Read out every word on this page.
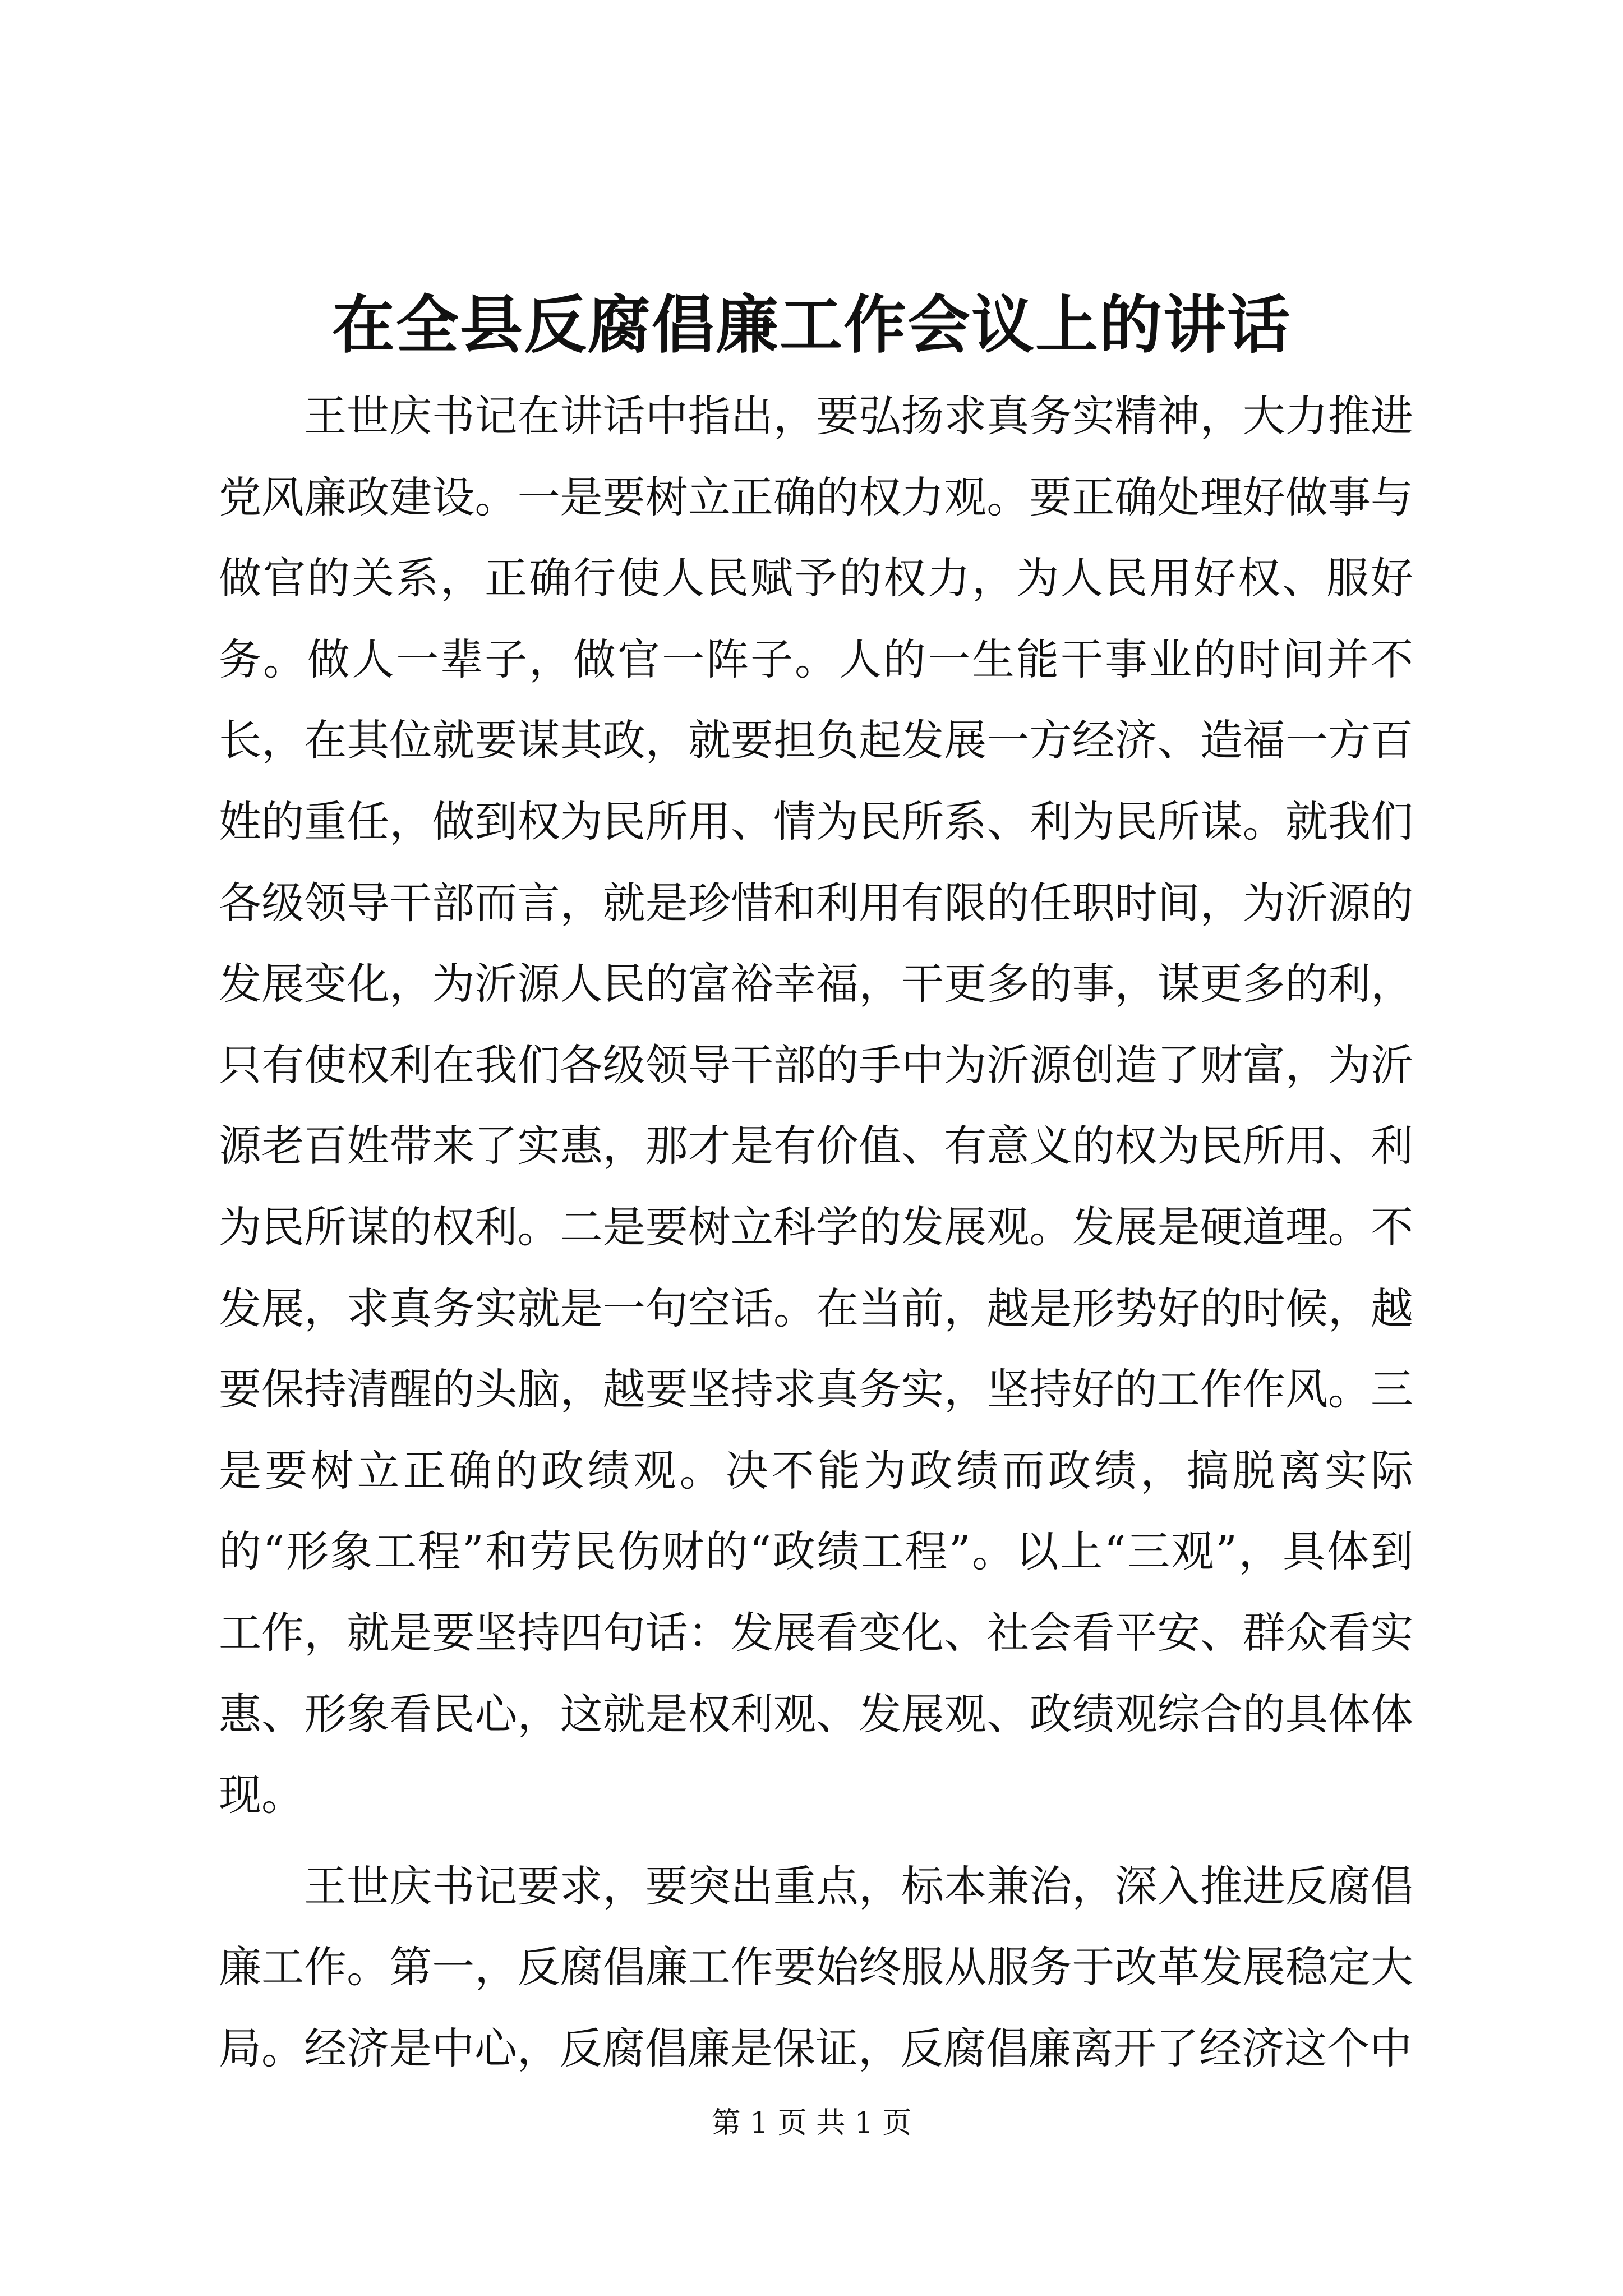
在全县反腐倡廉工作会议上的讲话

王世庆书记在讲话中指出，要弘扬求真务实精神，大力推进党风廉政建设。一是要树立正确的权力观。要正确处理好做事与做官的关系，正确行使人民赋予的权力，为人民用好权、服好务。做人一辈子，做官一阵子。人的一生能干事业的时间并不长，在其位就要谋其政，就要担负起发展一方经济、造福一方百姓的重任，做到权为民所用、情为民所系、利为民所谋。就我们各级领导干部而言，就是珍惜和利用有限的任职时间，为沂源的发展变化，为沂源人民的富裕幸福，干更多的事，谋更多的利，只有使权利在我们各级领导干部的手中为沂源创造了财富，为沂源老百姓带来了实惠，那才是有价值、有意义的权为民所用、利为民所谋的权利。二是要树立科学的发展观。发展是硬道理。不发展，求真务实就是一句空话。在当前，越是形势好的时候，越要保持清醒的头脑，越要坚持求真务实，坚持好的工作作风。三是要树立正确的政绩观。决不能为政绩而政绩，搞脱离实际的“形象工程”和劳民伤财的“政绩工程”。以上“三观”，具体到工作，就是要坚持四句话：发展看变化、社会看平安、群众看实惠、形象看民心，这就是权利观、发展观、政绩观综合的具体体现。

王世庆书记要求，要突出重点，标本兼治，深入推进反腐倡廉工作。第一，反腐倡廉工作要始终服从服务于改革发展稳定大局。经济是中心，反腐倡廉是保证，反腐倡廉离开了经济这个中

第 1 页 共 1 页
